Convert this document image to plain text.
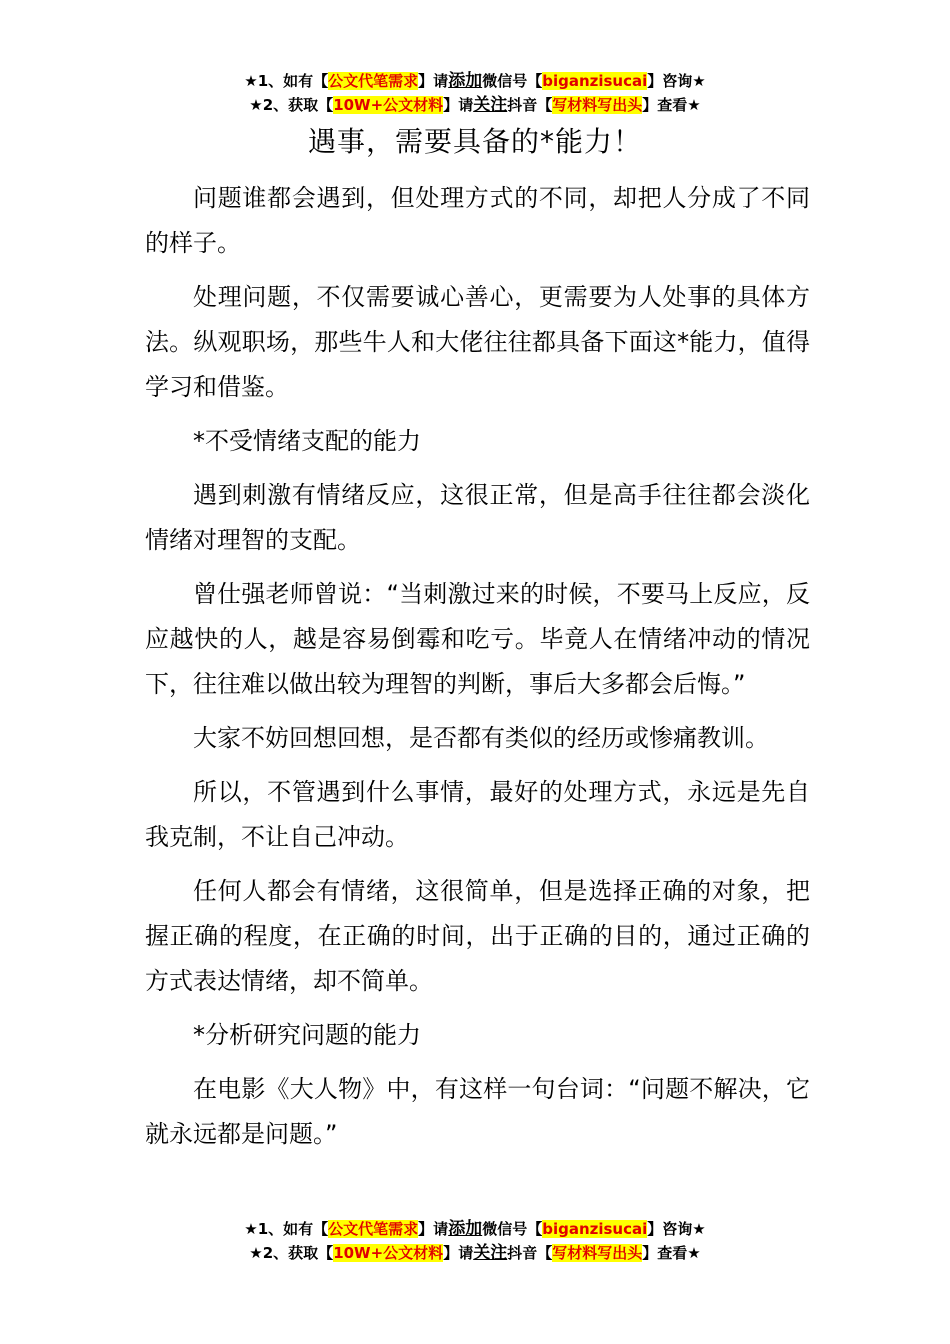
★1、如有【公文代笔需求】请添加微信号【biganzisucai】咨询★
★2、获取【10W+公文材料】请关注抖音【写材料写出头】查看★
遇事，需要具备的*能力！

问题谁都会遇到，但处理方式的不同，却把人分成了不同的样子。

处理问题，不仅需要诚心善心，更需要为人处事的具体方法。纵观职场，那些牛人和大佬往往都具备下面这*能力，值得学习和借鉴。

*不受情绪支配的能力

遇到刺激有情绪反应，这很正常，但是高手往往都会淡化情绪对理智的支配。

曾仕强老师曾说：“当刺激过来的时候，不要马上反应，反应越快的人，越是容易倒霉和吃亏。毕竟人在情绪冲动的情况下，往往难以做出较为理智的判断，事后大多都会后悔。”

大家不妨回想回想，是否都有类似的经历或惨痛教训。

所以，不管遇到什么事情，最好的处理方式，永远是先自我克制，不让自己冲动。

任何人都会有情绪，这很简单，但是选择正确的对象，把握正确的程度，在正确的时间，出于正确的目的，通过正确的方式表达情绪，却不简单。

*分析研究问题的能力

在电影《大人物》中，有这样一句台词：“问题不解决，它就永远都是问题。”

★1、如有【公文代笔需求】请添加微信号【biganzisucai】咨询★
★2、获取【10W+公文材料】请关注抖音【写材料写出头】查看★
